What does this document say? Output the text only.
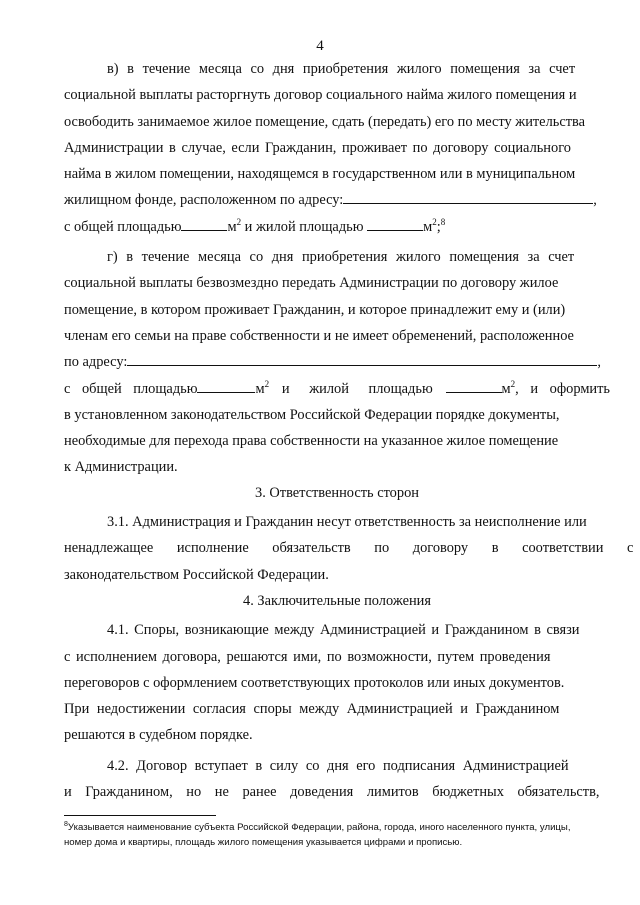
4
в) в течение месяца со дня приобретения жилого помещения за счет
социальной выплаты расторгнуть договор социального найма жилого помещения и
освободить занимаемое жилое помещение, сдать (передать) его по месту жительства
Администрации в случае, если Гражданин, проживает по договору социального
найма в жилом помещении, находящемся в государственном или в муниципальном
жилищном фонде, расположенном по адресу:	,
с общей площадью	$м^2$ и жилой площадью	$м^2;^8$
г) в течение месяца со дня приобретения жилого помещения за счет
социальной выплаты безвозмездно передать Администрации по договору жилое
помещение, в котором проживает Гражданин, и которое принадлежит ему и (или)
членам его семьи на праве собственности и не имеет обременений, расположенное
по адресу:	,
с общей площадью	$м^2$ и жилой площадью	$м^2$, и оформить
в установленном законодательством Российской Федерации порядке документы,
необходимые для перехода права собственности на указанное жилое помещение
к Администрации.
3. Ответственность сторон
3.1. Администрация и Гражданин несут ответственность за неисполнение или
ненадлежащее исполнение обязательств по договору в соответствии с
законодательством Российской Федерации.
4. Заключительные положения
4.1. Споры, возникающие между Администрацией и Гражданином в связи
с исполнением договора, решаются ими, по возможности, путем проведения
переговоров с оформлением соответствующих протоколов или иных документов.
При недостижении согласия споры между Администрацией и Гражданином
решаются в судебном порядке.
4.2. Договор вступает в силу со дня его подписания Администрацией
и Гражданином, но не ранее доведения лимитов бюджетных обязательств,
$^8$Указывается наименование субъекта Российской Федерации, района, города, иного населенного пункта, улицы,
номер дома и квартиры, площадь жилого помещения указывается цифрами и прописью.
